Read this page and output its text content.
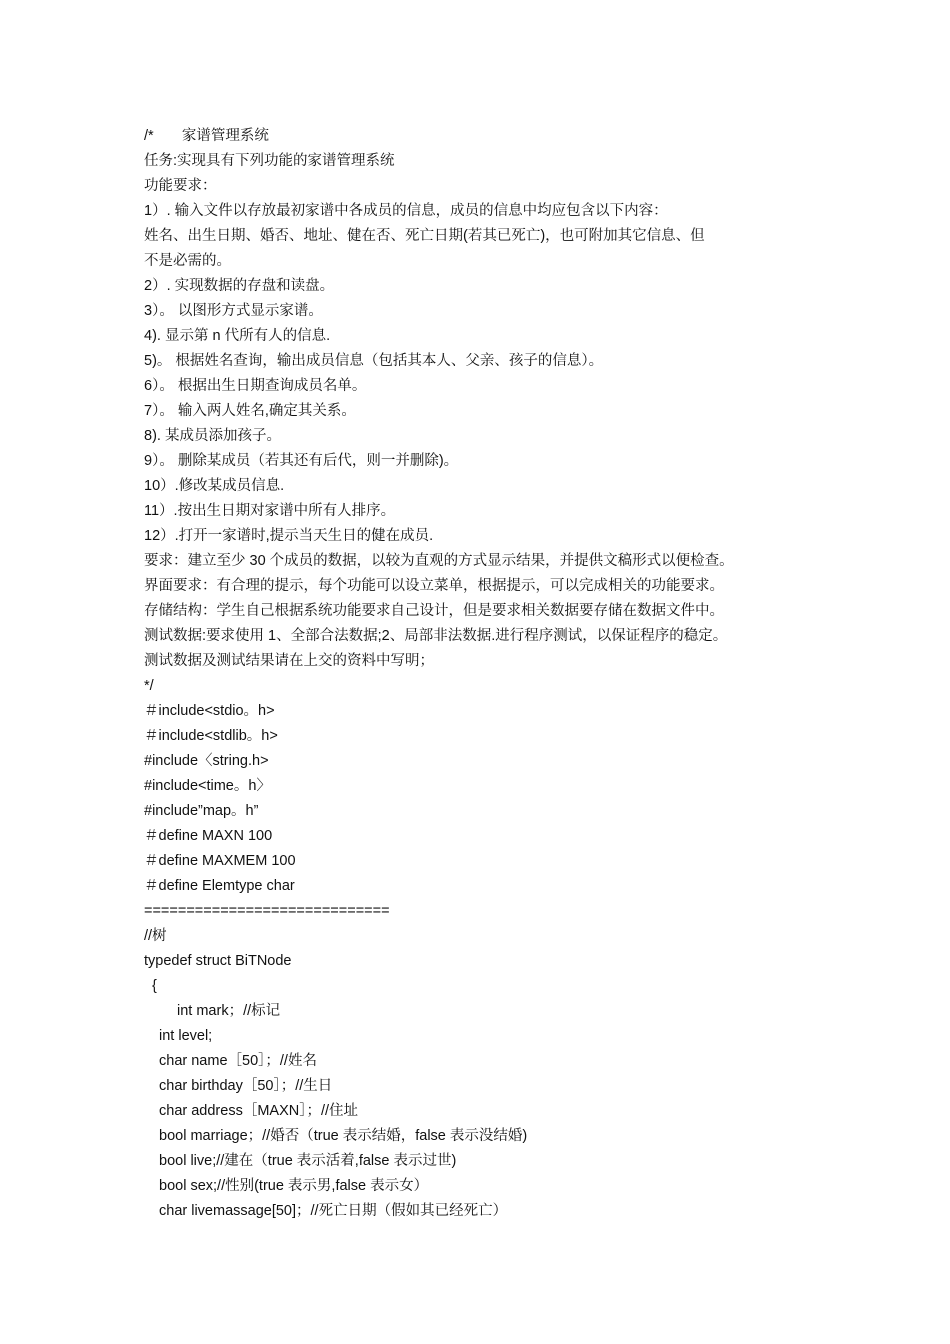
/*       家谱管理系统
任务:实现具有下列功能的家谱管理系统
功能要求：
1）. 输入文件以存放最初家谱中各成员的信息，成员的信息中均应包含以下内容：
姓名、出生日期、婚否、地址、健在否、死亡日期(若其已死亡)，也可附加其它信息、但
不是必需的。
2）. 实现数据的存盘和读盘。
3）。 以图形方式显示家谱。
4). 显示第 n 代所有人的信息.
5)。 根据姓名查询，输出成员信息（包括其本人、父亲、孩子的信息）。
6）。 根据出生日期查询成员名单。
7）。 输入两人姓名,确定其关系。
8). 某成员添加孩子。
9）。 删除某成员（若其还有后代，则一并删除)。
10）.修改某成员信息.
11）.按出生日期对家谱中所有人排序。
12）.打开一家谱时,提示当天生日的健在成员.
要求：建立至少 30 个成员的数据，以较为直观的方式显示结果，并提供文稿形式以便检查。
界面要求：有合理的提示，每个功能可以设立菜单，根据提示，可以完成相关的功能要求。
存储结构：学生自己根据系统功能要求自己设计，但是要求相关数据要存储在数据文件中。
测试数据:要求使用 1、全部合法数据;2、局部非法数据.进行程序测试，以保证程序的稳定。
测试数据及测试结果请在上交的资料中写明；
*/
＃include<stdio。h>
＃include<stdlib。h>
#include〈string.h>
#include<time。h〉
#include”map。h”
＃define MAXN 100
＃define MAXMEM 100
＃define Elemtype char
=============================
//树
typedef struct BiTNode
{
int mark；//标记
int level;
char name［50］；//姓名
char birthday［50］；//生日
char address［MAXN］；//住址
bool marriage；//婚否（true 表示结婚，false 表示没结婚)
bool live;//建在（true 表示活着,false 表示过世)
bool sex;//性别(true 表示男,false 表示女）
char livemassage[50]；//死亡日期（假如其已经死亡）
